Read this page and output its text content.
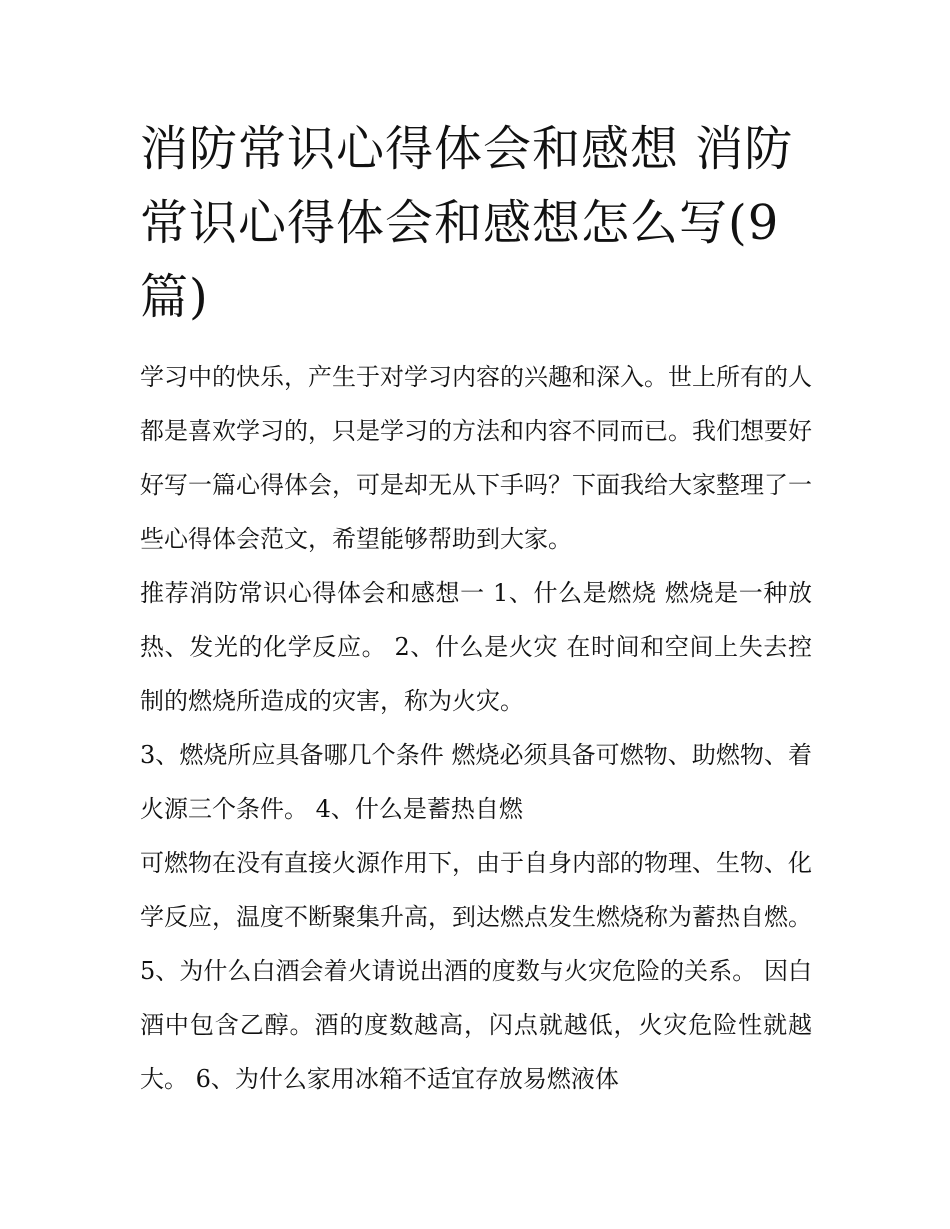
消防常识心得体会和感想 消防常识心得体会和感想怎么写(9篇)

学习中的快乐，产生于对学习内容的兴趣和深入。世上所有的人都是喜欢学习的，只是学习的方法和内容不同而已。我们想要好好写一篇心得体会，可是却无从下手吗？下面我给大家整理了一些心得体会范文，希望能够帮助到大家。

推荐消防常识心得体会和感想一 1、什么是燃烧 燃烧是一种放热、发光的化学反应。 2、什么是火灾 在时间和空间上失去控制的燃烧所造成的灾害，称为火灾。

3、燃烧所应具备哪几个条件 燃烧必须具备可燃物、助燃物、着火源三个条件。 4、什么是蓄热自燃

可燃物在没有直接火源作用下，由于自身内部的物理、生物、化学反应，温度不断聚集升高，到达燃点发生燃烧称为蓄热自燃。

5、为什么白酒会着火请说出酒的度数与火灾危险的关系。 因白酒中包含乙醇。酒的度数越高，闪点就越低，火灾危险性就越大。 6、为什么家用冰箱不适宜存放易燃液体
